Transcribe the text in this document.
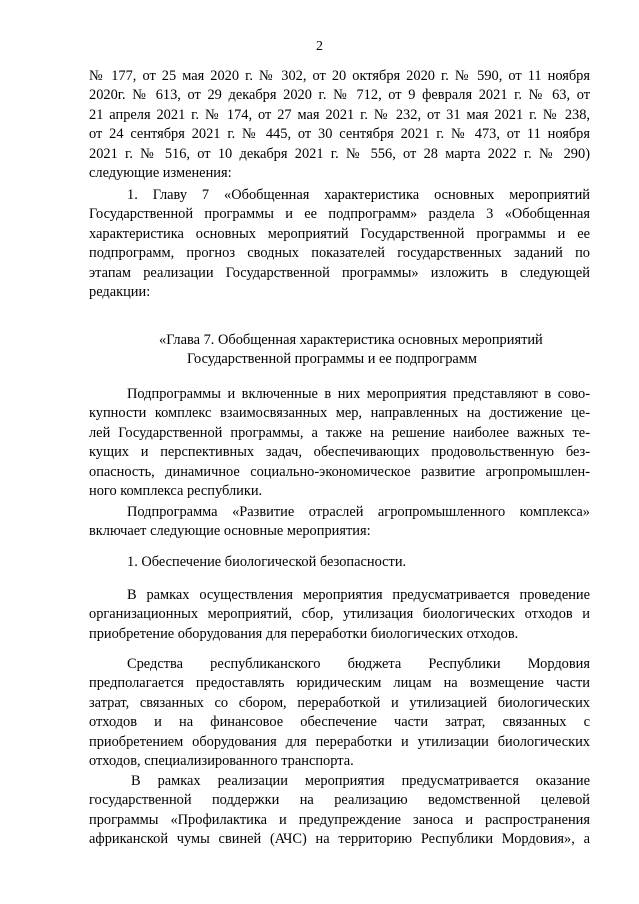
2
№ 177, от 25 мая 2020 г. № 302, от 20 октября 2020 г. № 590, от 11 ноября
2020г. № 613, от 29 декабря 2020 г. № 712, от 9 февраля 2021 г. № 63, от
21 апреля 2021 г. № 174, от 27 мая 2021 г. № 232, от 31 мая 2021 г. № 238,
от 24 сентября 2021 г. № 445, от 30 сентября 2021 г. № 473, от 11 ноября
2021 г. № 516, от 10 декабря 2021 г. № 556, от 28 марта 2022 г. № 290)
следующие изменения:
1. Главу 7 «Обобщенная характеристика основных мероприятий
Государственной программы и ее подпрограмм» раздела 3 «Обобщенная
характеристика основных мероприятий Государственной программы и ее
подпрограмм, прогноз сводных показателей государственных заданий по
этапам реализации Государственной программы» изложить в следующей
редакции:
«Глава 7. Обобщенная характеристика основных мероприятий
Государственной программы и ее подпрограмм
Подпрограммы и включенные в них мероприятия представляют в сово-
купности комплекс взаимосвязанных мер, направленных на достижение це-
лей Государственной программы, а также на решение наиболее важных те-
кущих и перспективных задач, обеспечивающих продовольственную без-
опасность, динамичное социально-экономическое развитие агропромышлен-
ного комплекса республики.
Подпрограмма «Развитие отраслей агропромышленного комплекса»
включает следующие основные мероприятия:
1. Обеспечение биологической безопасности.
В рамках осуществления мероприятия предусматривается проведение
организационных мероприятий, сбор, утилизация биологических отходов и
приобретение оборудования для переработки биологических отходов.
Средства республиканского бюджета Республики Мордовия
предполагается предоставлять юридическим лицам на возмещение части
затрат, связанных со сбором, переработкой и утилизацией биологических
отходов и на финансовое обеспечение части затрат, связанных с
приобретением оборудования для переработки и утилизации биологических
отходов, специализированного транспорта.
В рамках реализации мероприятия предусматривается оказание
государственной поддержки на реализацию ведомственной целевой
программы «Профилактика и предупреждение заноса и распространения
африканской чумы свиней (АЧС) на территорию Республики Мордовия», а
